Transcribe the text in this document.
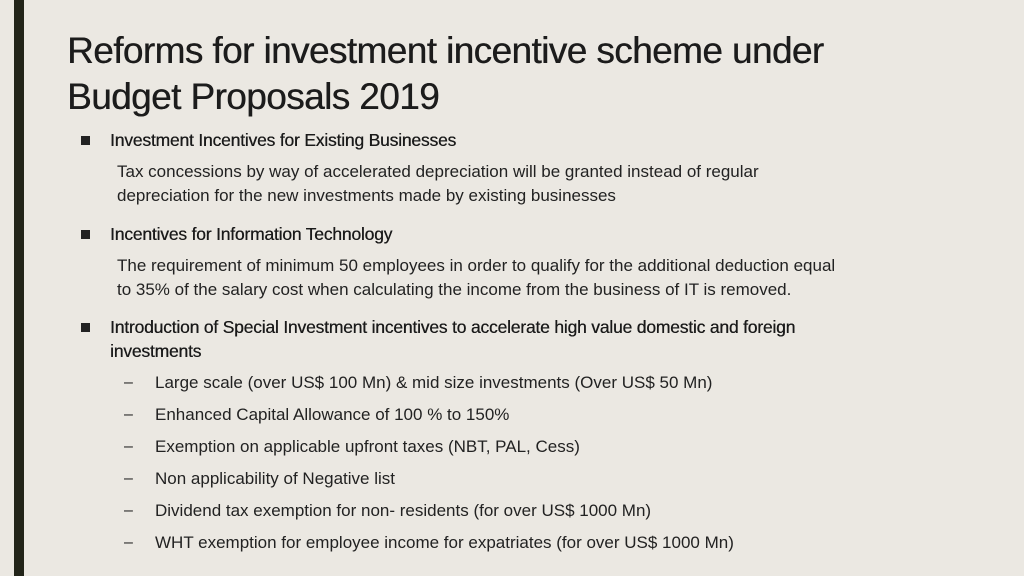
Reforms for investment incentive scheme under
Budget Proposals 2019
Investment Incentives for Existing Businesses
Tax concessions by way of accelerated depreciation will be granted instead of regular
depreciation for the new investments made by existing businesses
Incentives for Information Technology
The requirement of minimum 50 employees in order to qualify for the additional deduction equal
to 35% of the salary cost when calculating the income from the business of IT is removed.
Introduction of Special Investment incentives to accelerate high value domestic and foreign
investments
– Large scale (over US$ 100 Mn) & mid size investments (Over US$ 50 Mn)
– Enhanced Capital Allowance of 100 % to 150%
– Exemption on applicable upfront taxes (NBT, PAL, Cess)
– Non applicability of Negative list
– Dividend tax exemption for non- residents (for over US$ 1000 Mn)
– WHT exemption for employee income for expatriates (for over US$ 1000 Mn)
